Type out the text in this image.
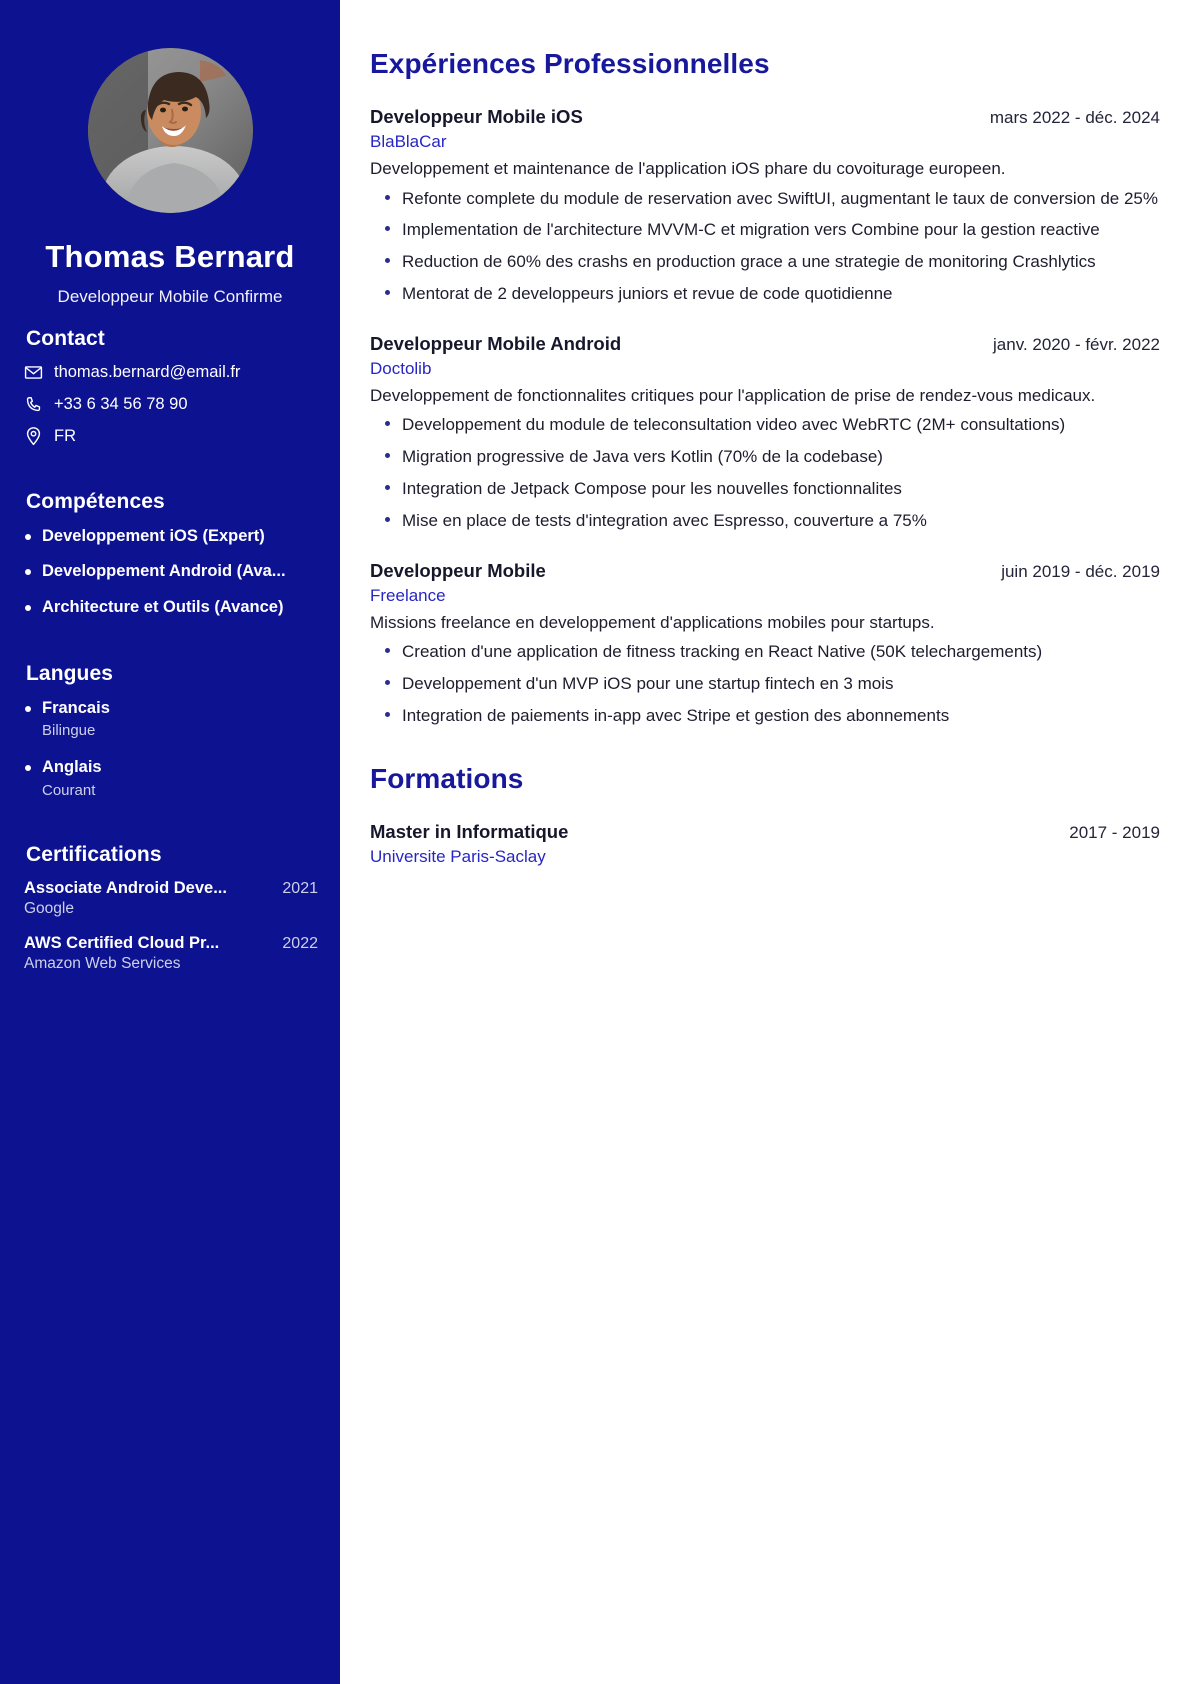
Thomas Bernard
Developpeur Mobile Confirme
Contact
thomas.bernard@email.fr
+33 6 34 56 78 90
FR
Compétences
Developpement iOS (Expert)
Developpement Android (Ava...
Architecture et Outils (Avance)
Langues
Francais
Bilingue
Anglais
Courant
Certifications
Associate Android Deve...	2021
Google
AWS Certified Cloud Pr...	2022
Amazon Web Services
Expériences Professionnelles
Developpeur Mobile iOS	mars 2022 - déc. 2024
BlaBlaCar
Developpement et maintenance de l'application iOS phare du covoiturage europeen.
Refonte complete du module de reservation avec SwiftUI, augmentant le taux de conversion de 25%
Implementation de l'architecture MVVM-C et migration vers Combine pour la gestion reactive
Reduction de 60% des crashs en production grace a une strategie de monitoring Crashlytics
Mentorat de 2 developpeurs juniors et revue de code quotidienne
Developpeur Mobile Android	janv. 2020 - févr. 2022
Doctolib
Developpement de fonctionnalites critiques pour l'application de prise de rendez-vous medicaux.
Developpement du module de teleconsultation video avec WebRTC (2M+ consultations)
Migration progressive de Java vers Kotlin (70% de la codebase)
Integration de Jetpack Compose pour les nouvelles fonctionnalites
Mise en place de tests d'integration avec Espresso, couverture a 75%
Developpeur Mobile	juin 2019 - déc. 2019
Freelance
Missions freelance en developpement d'applications mobiles pour startups.
Creation d'une application de fitness tracking en React Native (50K telechargements)
Developpement d'un MVP iOS pour une startup fintech en 3 mois
Integration de paiements in-app avec Stripe et gestion des abonnements
Formations
Master in Informatique	2017 - 2019
Universite Paris-Saclay
